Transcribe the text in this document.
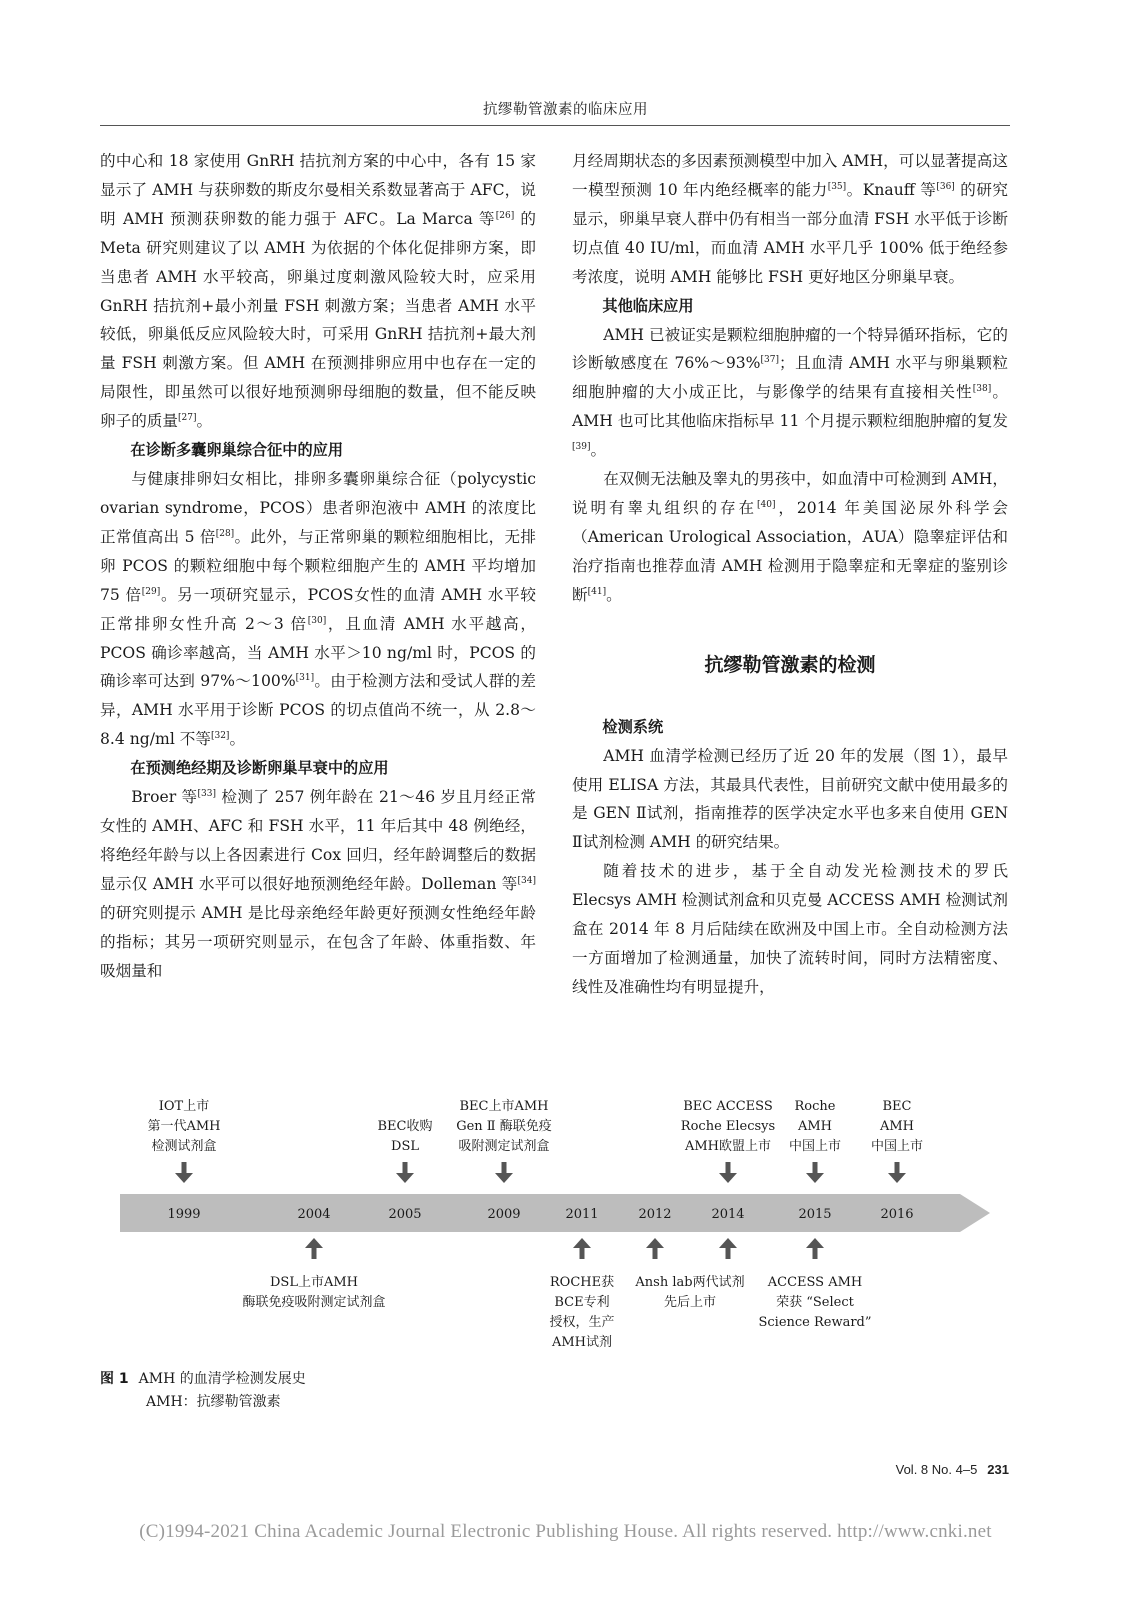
抗缪勒管激素的临床应用

的中心和 18 家使用 GnRH 拮抗剂方案的中心中，各有 15 家显示了 AMH 与获卵数的斯皮尔曼相关系数显著高于 AFC，说明 AMH 预测获卵数的能力强于 AFC。La Marca 等[26] 的 Meta 研究则建议了以 AMH 为依据的个体化促排卵方案，即当患者 AMH 水平较高，卵巢过度刺激风险较大时，应采用 GnRH 拮抗剂+最小剂量 FSH 刺激方案；当患者 AMH 水平较低，卵巢低反应风险较大时，可采用 GnRH 拮抗剂+最大剂量 FSH 刺激方案。但 AMH 在预测排卵应用中也存在一定的局限性，即虽然可以很好地预测卵母细胞的数量，但不能反映卵子的质量[27]。

在诊断多囊卵巢综合征中的应用

与健康排卵妇女相比，排卵多囊卵巢综合征（polycystic ovarian syndrome，PCOS）患者卵泡液中 AMH 的浓度比正常值高出 5 倍[28]。此外，与正常卵巢的颗粒细胞相比，无排卵 PCOS 的颗粒细胞中每个颗粒细胞产生的 AMH 平均增加 75 倍[29]。另一项研究显示，PCOS女性的血清 AMH 水平较正常排卵女性升高 2～3 倍[30]，且血清 AMH 水平越高，PCOS 确诊率越高，当 AMH 水平＞10 ng/ml 时，PCOS 的确诊率可达到 97%～100%[31]。由于检测方法和受试人群的差异，AMH 水平用于诊断 PCOS 的切点值尚不统一，从 2.8～8.4 ng/ml 不等[32]。

在预测绝经期及诊断卵巢早衰中的应用

Broer 等[33] 检测了 257 例年龄在 21～46 岁且月经正常女性的 AMH、AFC 和 FSH 水平，11 年后其中 48 例绝经，将绝经年龄与以上各因素进行 Cox 回归，经年龄调整后的数据显示仅 AMH 水平可以很好地预测绝经年龄。Dolleman 等[34] 的研究则提示 AMH 是比母亲绝经年龄更好预测女性绝经年龄的指标；其另一项研究则显示，在包含了年龄、体重指数、年吸烟量和

月经周期状态的多因素预测模型中加入 AMH，可以显著提高这一模型预测 10 年内绝经概率的能力[35]。Knauff 等[36] 的研究显示，卵巢早衰人群中仍有相当一部分血清 FSH 水平低于诊断切点值 40 IU/ml，而血清 AMH 水平几乎 100% 低于绝经参考浓度，说明 AMH 能够比 FSH 更好地区分卵巢早衰。

其他临床应用

AMH 已被证实是颗粒细胞肿瘤的一个特异循环指标，它的诊断敏感度在 76%～93%[37]；且血清 AMH 水平与卵巢颗粒细胞肿瘤的大小成正比，与影像学的结果有直接相关性[38]。AMH 也可比其他临床指标早 11 个月提示颗粒细胞肿瘤的复发[39]。

在双侧无法触及睾丸的男孩中，如血清中可检测到 AMH，说明有睾丸组织的存在[40]，2014 年美国泌尿外科学会（American Urological Association，AUA）隐睾症评估和治疗指南也推荐血清 AMH 检测用于隐睾症和无睾症的鉴别诊断[41]。

抗缪勒管激素的检测
检测系统

AMH 血清学检测已经历了近 20 年的发展（图 1），最早使用 ELISA 方法，其最具代表性，目前研究文献中使用最多的是 GEN Ⅱ试剂，指南推荐的医学决定水平也多来自使用 GEN Ⅱ试剂检测 AMH 的研究结果。

随着技术的进步，基于全自动发光检测技术的罗氏 Elecsys AMH 检测试剂盒和贝克曼 ACCESS AMH 检测试剂盒在 2014 年 8 月后陆续在欧洲及中国上市。全自动检测方法一方面增加了检测通量，加快了流转时间，同时方法精密度、线性及准确性均有明显提升，

1999	2004	2005	2009	2011	2012	2014	2015	2016
IOT上市
第一代AMH
检测试剂盒
BEC收购
DSL
BEC上市AMH
Gen Ⅱ 酶联免疫
吸附测定试剂盒
BEC ACCESS
Roche Elecsys
AMH欧盟上市
Roche
AMH
中国上市
BEC
AMH
中国上市
DSL上市AMH
酶联免疫吸附测定试剂盒
ROCHE获
BCE专利
授权，生产
AMH试剂
Ansh lab两代试剂
先后上市
ACCESS AMH
荣获 “Select
Science Reward”
图 1 AMH 的血清学检测发展史
AMH：抗缪勒管激素
Vol. 8 No. 4–5 231
(C)1994-2021 China Academic Journal Electronic Publishing House. All rights reserved. http://www.cnki.net
